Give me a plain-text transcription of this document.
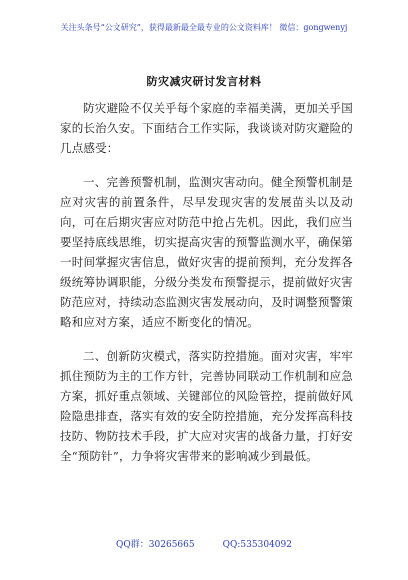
关注头条号“公文研究”，获得最新最全最专业的公文资料库！ 微信：gongwenyj
防灾减灾研讨发言材料

防灾避险不仅关乎每个家庭的幸福美满，更加关乎国家的长治久安。下面结合工作实际，我谈谈对防灾避险的几点感受：

一、完善预警机制，监测灾害动向。健全预警机制是应对灾害的前置条件，尽早发现灾害的发展苗头以及动向，可在后期灾害应对防范中抢占先机。因此，我们应当要坚持底线思维，切实提高灾害的预警监测水平，确保第一时间掌握灾害信息，做好灾害的提前预判，充分发挥各级统筹协调职能，分级分类发布预警提示，提前做好灾害防范应对，持续动态监测灾害发展动向，及时调整预警策略和应对方案，适应不断变化的情况。

二、创新防灾模式，落实防控措施。面对灾害，牢牢抓住预防为主的工作方针，完善协同联动工作机制和应急方案，抓好重点领域、关键部位的风险管控，提前做好风险隐患排查，落实有效的安全防控措施，充分发挥高科技技防、物防技术手段，扩大应对灾害的战备力量，打好安全“预防针”，力争将灾害带来的影响减少到最低。

QQ群：30265665	QQ:535304092
